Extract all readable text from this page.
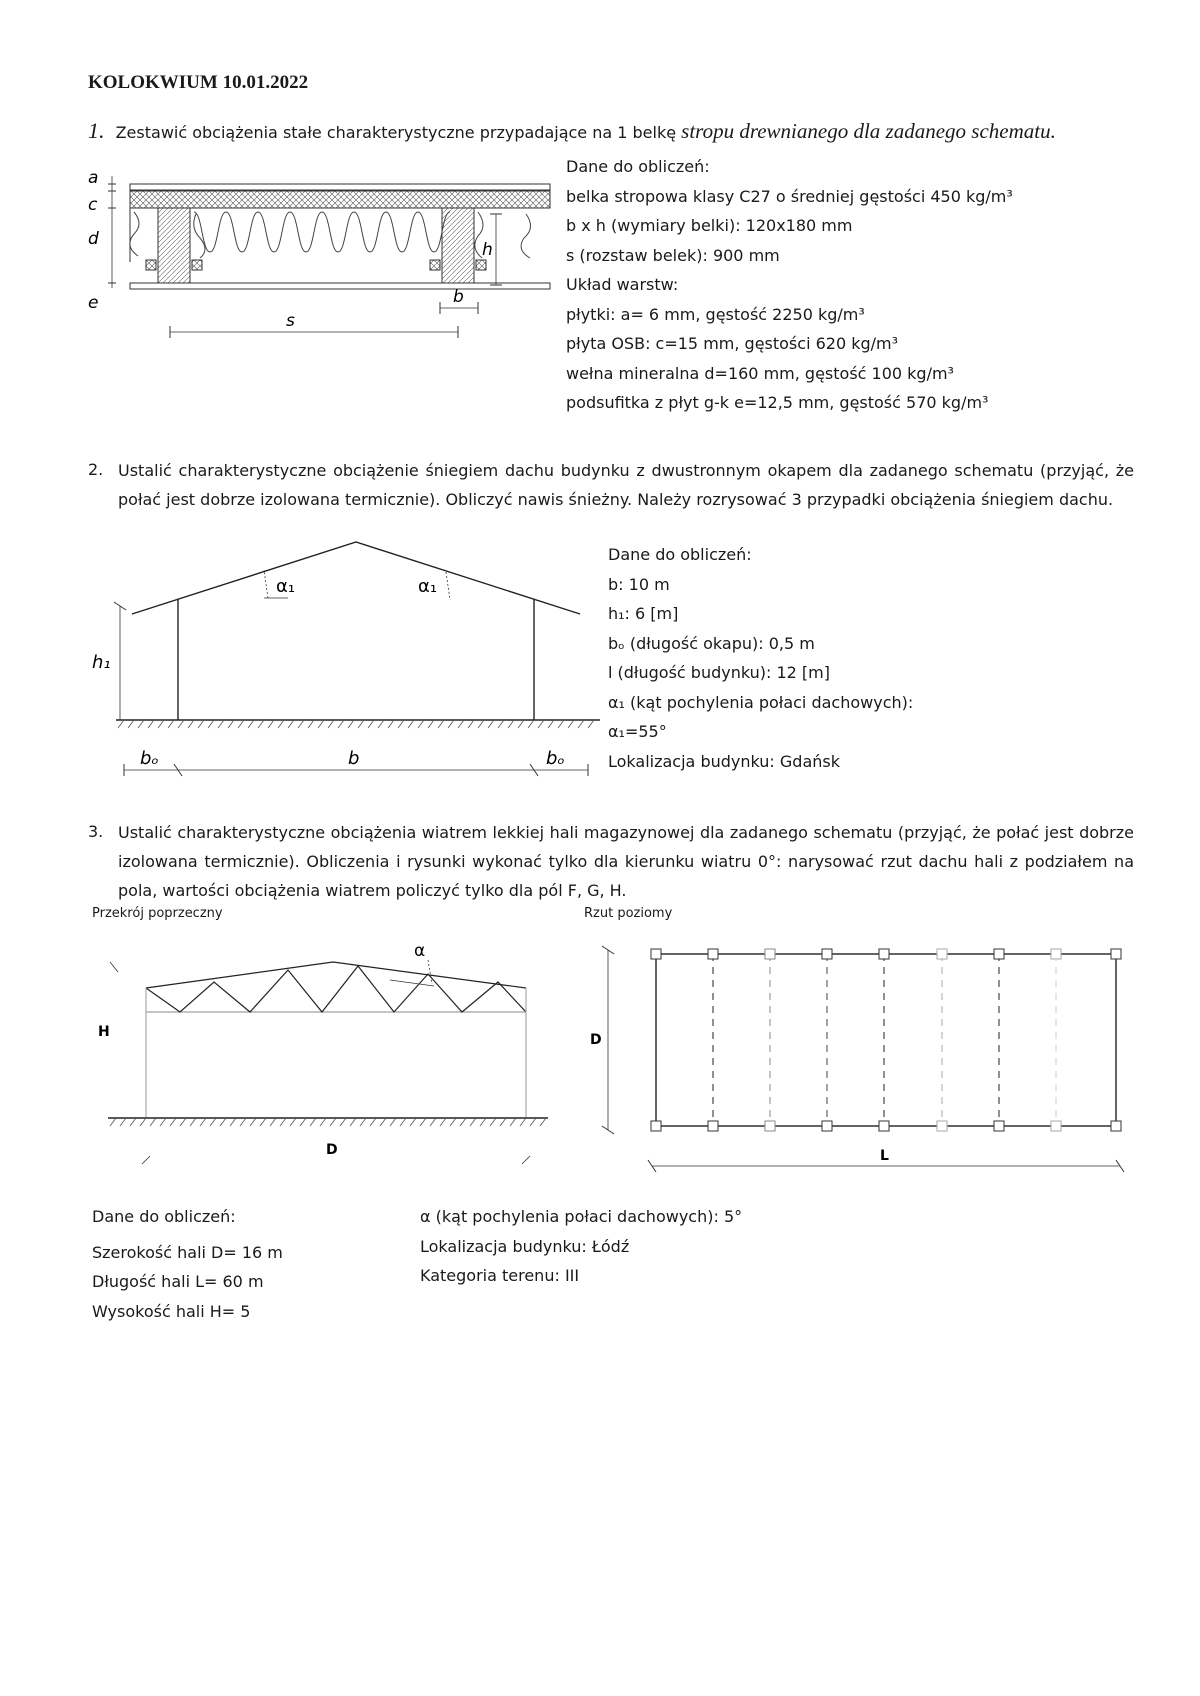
KOLOKWIUM 10.01.2022
1. Zestawić obciążenia stałe charakterystyczne przypadające na 1 belkę stropu drewnianego dla zadanego schematu.
a
c
d
e
h
b
s
Dane do obliczeń:
belka stropowa klasy C27 o średniej gęstości 450 kg/m³
b x h (wymiary belki): 120x180 mm
s (rozstaw belek): 900 mm
Układ warstw:
płytki: a= 6 mm, gęstość 2250 kg/m³
płyta OSB: c=15 mm, gęstości 620 kg/m³
wełna mineralna d=160 mm, gęstość 100 kg/m³
podsufitka z płyt g-k e=12,5 mm, gęstość 570 kg/m³
2. Ustalić charakterystyczne obciążenie śniegiem dachu budynku z dwustronnym okapem dla zadanego schematu (przyjąć, że połać jest dobrze izolowana termicznie). Obliczyć nawis śnieżny. Należy rozrysować 3 przypadki obciążenia śniegiem dachu.
α₁	α₁
h₁
bₒ	b	bₒ
Dane do obliczeń:
b: 10 m
h₁: 6 [m]
bₒ (długość okapu): 0,5 m
l (długość budynku): 12 [m]
α₁ (kąt pochylenia połaci dachowych):
α₁=55°
Lokalizacja budynku: Gdańsk
3. Ustalić charakterystyczne obciążenia wiatrem lekkiej hali magazynowej dla zadanego schematu (przyjąć, że połać jest dobrze izolowana termicznie). Obliczenia i rysunki wykonać tylko dla kierunku wiatru 0°: narysować rzut dachu hali z podziałem na pola, wartości obciążenia wiatrem policzyć tylko dla pól F, G, H.
Przekrój poprzeczny	Rzut poziomy
α
H
D
D
L
Dane do obliczeń:
Szerokość hali D= 16 m
Długość hali L= 60 m
Wysokość hali H= 5
α (kąt pochylenia połaci dachowych): 5°
Lokalizacja budynku: Łódź
Kategoria terenu: III
